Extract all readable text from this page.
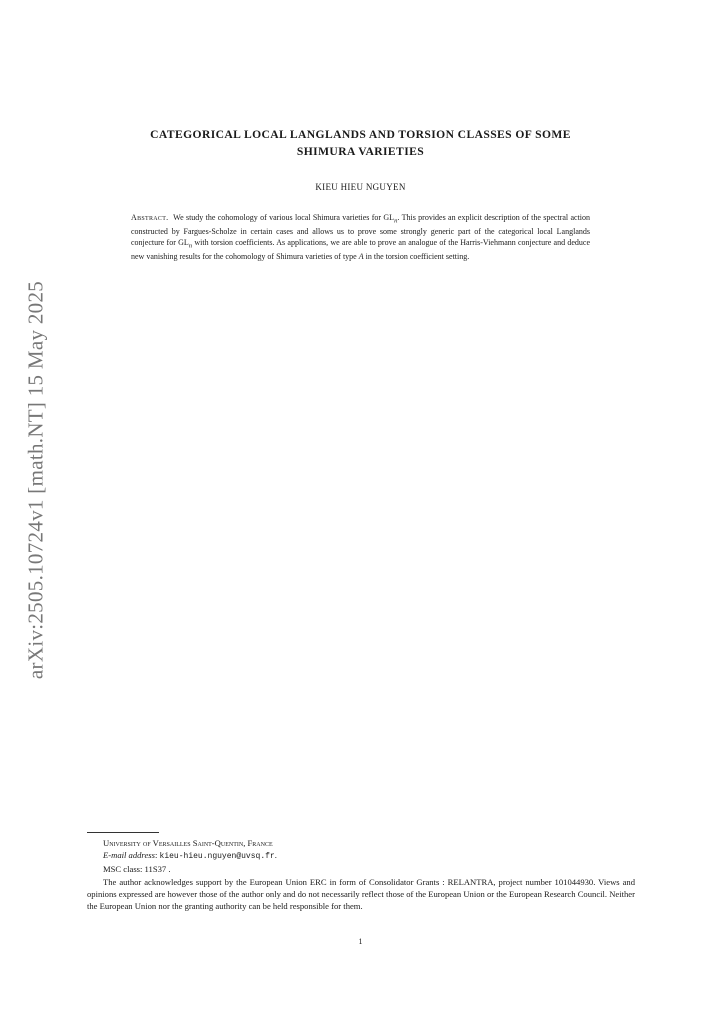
arXiv:2505.10724v1 [math.NT] 15 May 2025
CATEGORICAL LOCAL LANGLANDS AND TORSION CLASSES OF SOME
SHIMURA VARIETIES
KIEU HIEU NGUYEN
Abstract. We study the cohomology of various local Shimura varieties for $GL_n$. This provides an explicit description of the spectral action constructed by Fargues-Scholze in certain cases and allows us to prove some strongly generic part of the categorical local Langlands conjecture for $GL_n$ with torsion coefficients. As applications, we are able to prove an analogue of the Harris-Viehmann conjecture and deduce new vanishing results for the cohomology of Shimura varieties of type A in the torsion coefficient setting.
University of Versailles Saint-Quentin, France
E-mail address: kieu-hieu.nguyen@uvsq.fr.
MSC class: 11S37 .
The author acknowledges support by the European Union ERC in form of Consolidator Grants : RELANTRA, project number 101044930. Views and opinions expressed are however those of the author only and do not necessarily reflect those of the European Union or the European Research Council. Neither the European Union nor the granting authority can be held responsible for them.
1
